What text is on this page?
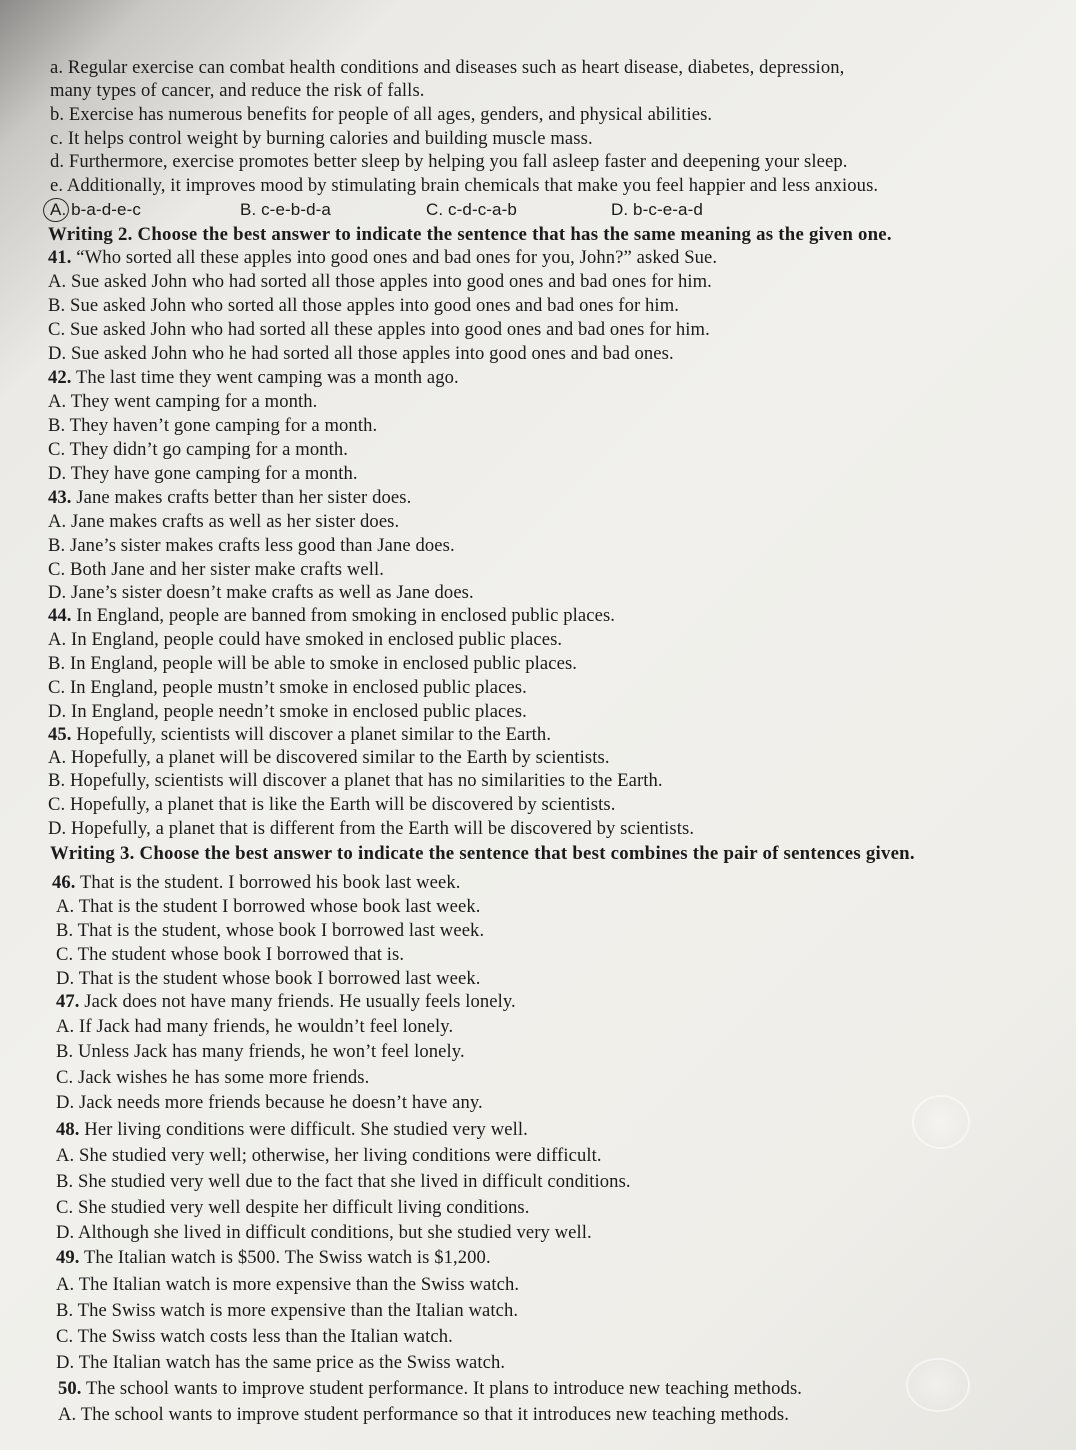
a. Regular exercise can combat health conditions and diseases such as heart disease, diabetes, depression,
many types of cancer, and reduce the risk of falls.
b. Exercise has numerous benefits for people of all ages, genders, and physical abilities.
c. It helps control weight by burning calories and building muscle mass.
d. Furthermore, exercise promotes better sleep by helping you fall asleep faster and deepening your sleep.
e. Additionally, it improves mood by stimulating brain chemicals that make you feel happier and less anxious.
A. b-a-d-e-c	B. c-e-b-d-a	C. c-d-c-a-b	D. b-c-e-a-d
Writing 2. Choose the best answer to indicate the sentence that has the same meaning as the given one.
41. “Who sorted all these apples into good ones and bad ones for you, John?” asked Sue.
A. Sue asked John who had sorted all those apples into good ones and bad ones for him.
B. Sue asked John who sorted all those apples into good ones and bad ones for him.
C. Sue asked John who had sorted all these apples into good ones and bad ones for him.
D. Sue asked John who he had sorted all those apples into good ones and bad ones.
42. The last time they went camping was a month ago.
A. They went camping for a month.
B. They haven’t gone camping for a month.
C. They didn’t go camping for a month.
D. They have gone camping for a month.
43. Jane makes crafts better than her sister does.
A. Jane makes crafts as well as her sister does.
B. Jane’s sister makes crafts less good than Jane does.
C. Both Jane and her sister make crafts well.
D. Jane’s sister doesn’t make crafts as well as Jane does.
44. In England, people are banned from smoking in enclosed public places.
A. In England, people could have smoked in enclosed public places.
B. In England, people will be able to smoke in enclosed public places.
C. In England, people mustn’t smoke in enclosed public places.
D. In England, people needn’t smoke in enclosed public places.
45. Hopefully, scientists will discover a planet similar to the Earth.
A. Hopefully, a planet will be discovered similar to the Earth by scientists.
B. Hopefully, scientists will discover a planet that has no similarities to the Earth.
C. Hopefully, a planet that is like the Earth will be discovered by scientists.
D. Hopefully, a planet that is different from the Earth will be discovered by scientists.
Writing 3. Choose the best answer to indicate the sentence that best combines the pair of sentences given.
46. That is the student. I borrowed his book last week.
A. That is the student I borrowed whose book last week.
B. That is the student, whose book I borrowed last week.
C. The student whose book I borrowed that is.
D. That is the student whose book I borrowed last week.
47. Jack does not have many friends. He usually feels lonely.
A. If Jack had many friends, he wouldn’t feel lonely.
B. Unless Jack has many friends, he won’t feel lonely.
C. Jack wishes he has some more friends.
D. Jack needs more friends because he doesn’t have any.
48. Her living conditions were difficult. She studied very well.
A. She studied very well; otherwise, her living conditions were difficult.
B. She studied very well due to the fact that she lived in difficult conditions.
C. She studied very well despite her difficult living conditions.
D. Although she lived in difficult conditions, but she studied very well.
49. The Italian watch is $500. The Swiss watch is $1,200.
A. The Italian watch is more expensive than the Swiss watch.
B. The Swiss watch is more expensive than the Italian watch.
C. The Swiss watch costs less than the Italian watch.
D. The Italian watch has the same price as the Swiss watch.
50. The school wants to improve student performance. It plans to introduce new teaching methods.
A. The school wants to improve student performance so that it introduces new teaching methods.
